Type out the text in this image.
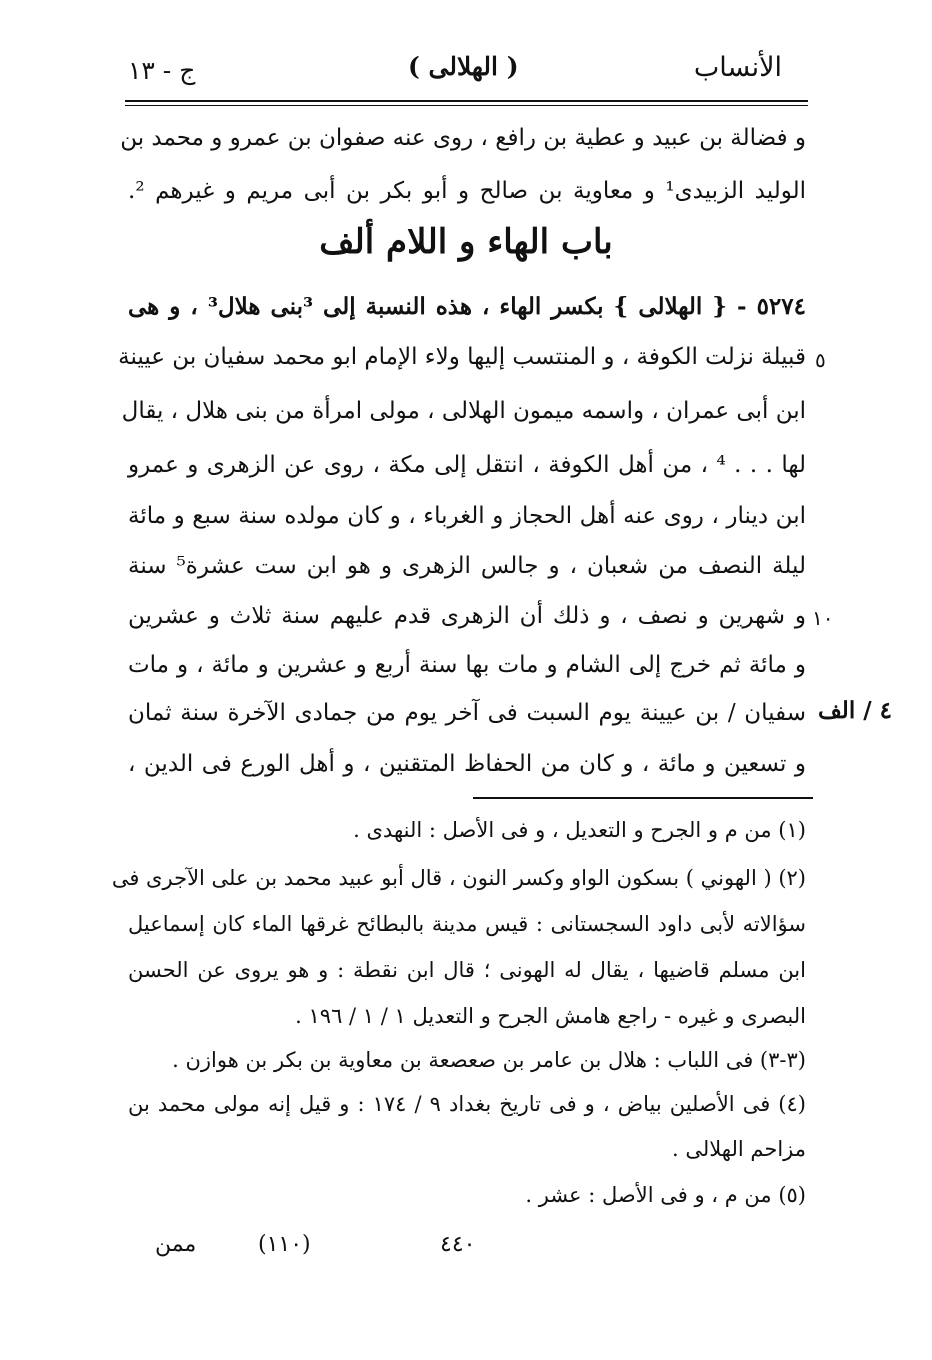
الأنساب
( الهلالى )
ج - ١٣
و فضالة بن عبيد و عطية بن رافع ، روى عنه صفوان بن عمرو و محمد بن
الوليد الزبيدى¹ و معاوية بن صالح و أبو بكر بن أبى مريم و غيرهم ².
باب الهاء و اللام ألف
٥٢٧٤ - { الهلالى } بكسر الهاء ، هذه النسبة إلى ³بنى هلال³ ، و هى
قبيلة نزلت الكوفة ، و المنتسب إليها ولاء الإمام ابو محمد سفيان بن عيينة
ابن أبى عمران ، واسمه ميمون الهلالى ، مولى امرأة من بنى هلال ، يقال
لها . . . ⁴ ، من أهل الكوفة ، انتقل إلى مكة ، روى عن الزهرى و عمرو
ابن دينار ، روى عنه أهل الحجاز و الغرباء ، و كان مولده سنة سبع و مائة
ليلة النصف من شعبان ، و جالس الزهرى و هو ابن ست عشرة⁵ سنة
و شهرين و نصف ، و ذلك أن الزهرى قدم عليهم سنة ثلاث و عشرين
و مائة ثم خرج إلى الشام و مات بها سنة أربع و عشرين و مائة ، و مات
سفيان / بن عيينة يوم السبت فى آخر يوم من جمادى الآخرة سنة ثمان
و تسعين و مائة ، و كان من الحفاظ المتقنين ، و أهل الورع فى الدين ،
٥
١٠
٤ / الف
(١) من م و الجرح و التعديل ، و فى الأصل : النهدى .
(٢) ( الهوني ) بسكون الواو وكسر النون ، قال أبو عبيد محمد بن على الآجرى فى
سؤالاته لأبى داود السجستانى : قيس مدينة بالبطائح غرقها الماء كان إسماعيل
ابن مسلم قاضيها ، يقال له الهونى ؛ قال ابن نقطة : و هو يروى عن الحسن
البصرى و غيره - راجع هامش الجرح و التعديل ١ / ١ / ١٩٦ .
(٣-٣) فى اللباب : هلال بن عامر بن صعصعة بن معاوية بن بكر بن هوازن .
(٤) فى الأصلين بياض ، و فى تاريخ بغداد ٩ / ١٧٤ : و قيل إنه مولى محمد بن
مزاحم الهلالى .
(٥) من م ، و فى الأصل : عشر .
٤٤٠
(١١٠)
ممن
